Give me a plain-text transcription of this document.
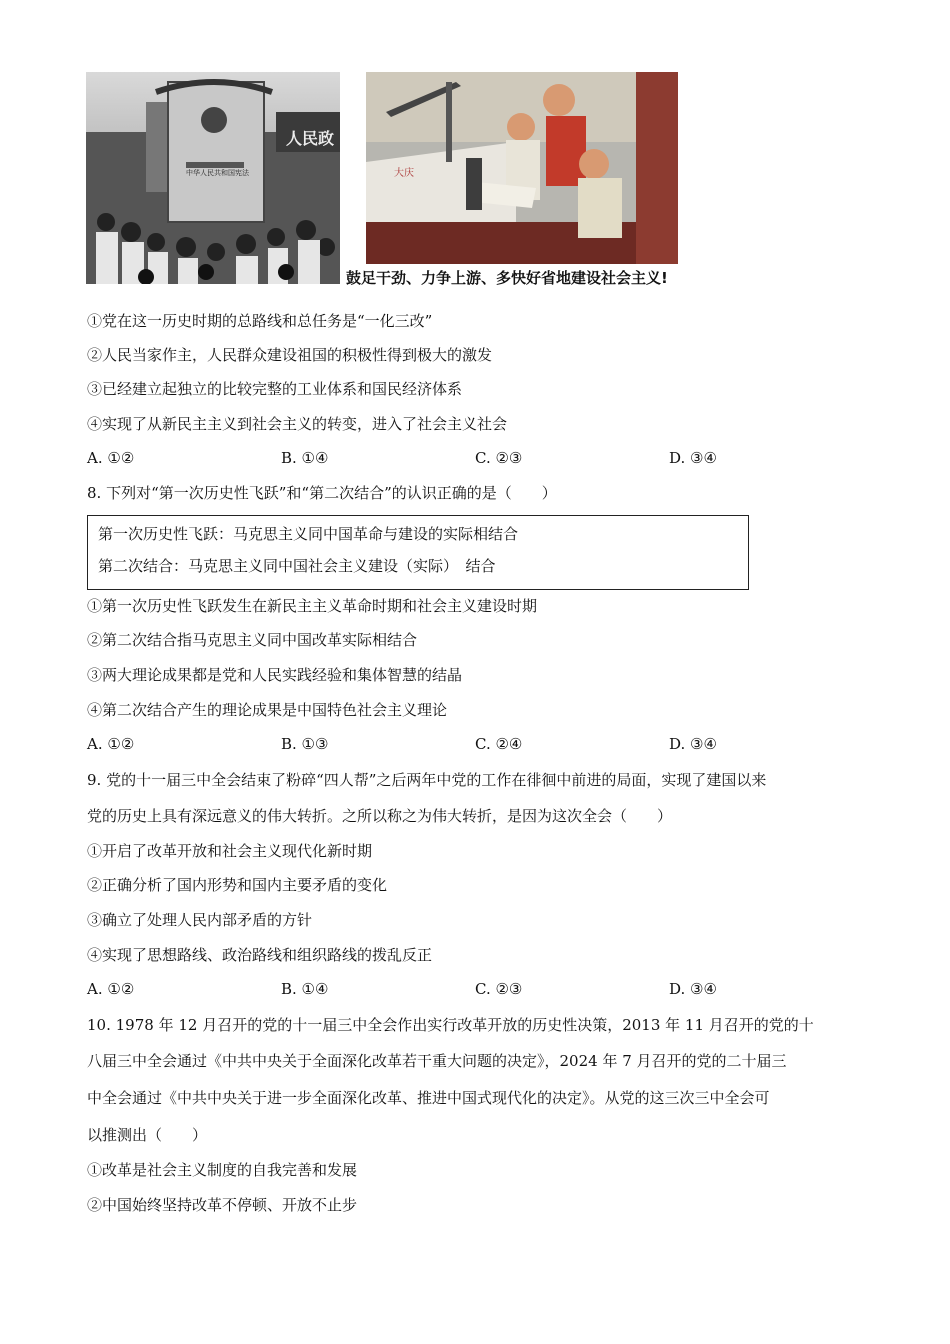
人民政
中华人民共和国宪法	大庆
鼓足干劲、力争上游、多快好省地建设社会主义!
①党在这一历史时期的总路线和总任务是“一化三改”
②人民当家作主，人民群众建设祖国的积极性得到极大的激发
③已经建立起独立的比较完整的工业体系和国民经济体系
④实现了从新民主主义到社会主义的转变，进入了社会主义社会
A. ①②	B. ①④	C. ②③	D. ③④
8. 下列对“第一次历史性飞跃”和“第二次结合”的认识正确的是（　　）
第一次历史性飞跃：马克思主义同中国革命与建设的实际相结合
第二次结合：马克思主义同中国社会主义建设（实际）　结合
①第一次历史性飞跃发生在新民主主义革命时期和社会主义建设时期
②第二次结合指马克思主义同中国改革实际相结合
③两大理论成果都是党和人民实践经验和集体智慧的结晶
④第二次结合产生的理论成果是中国特色社会主义理论
A. ①②	B. ①③	C. ②④	D. ③④
9. 党的十一届三中全会结束了粉碎“四人帮”之后两年中党的工作在徘徊中前进的局面，实现了建国以来
党的历史上具有深远意义的伟大转折。之所以称之为伟大转折，是因为这次全会（　　）
①开启了改革开放和社会主义现代化新时期
②正确分析了国内形势和国内主要矛盾的变化
③确立了处理人民内部矛盾的方针
④实现了思想路线、政治路线和组织路线的拨乱反正
A. ①②	B. ①④	C. ②③	D. ③④
10. 1978 年 12 月召开的党的十一届三中全会作出实行改革开放的历史性决策，2013 年 11 月召开的党的十
八届三中全会通过《中共中央关于全面深化改革若干重大问题的决定》，2024 年 7 月召开的党的二十届三
中全会通过《中共中央关于进一步全面深化改革、推进中国式现代化的决定》。从党的这三次三中全会可
以推测出（　　）
①改革是社会主义制度的自我完善和发展
②中国始终坚持改革不停顿、开放不止步
